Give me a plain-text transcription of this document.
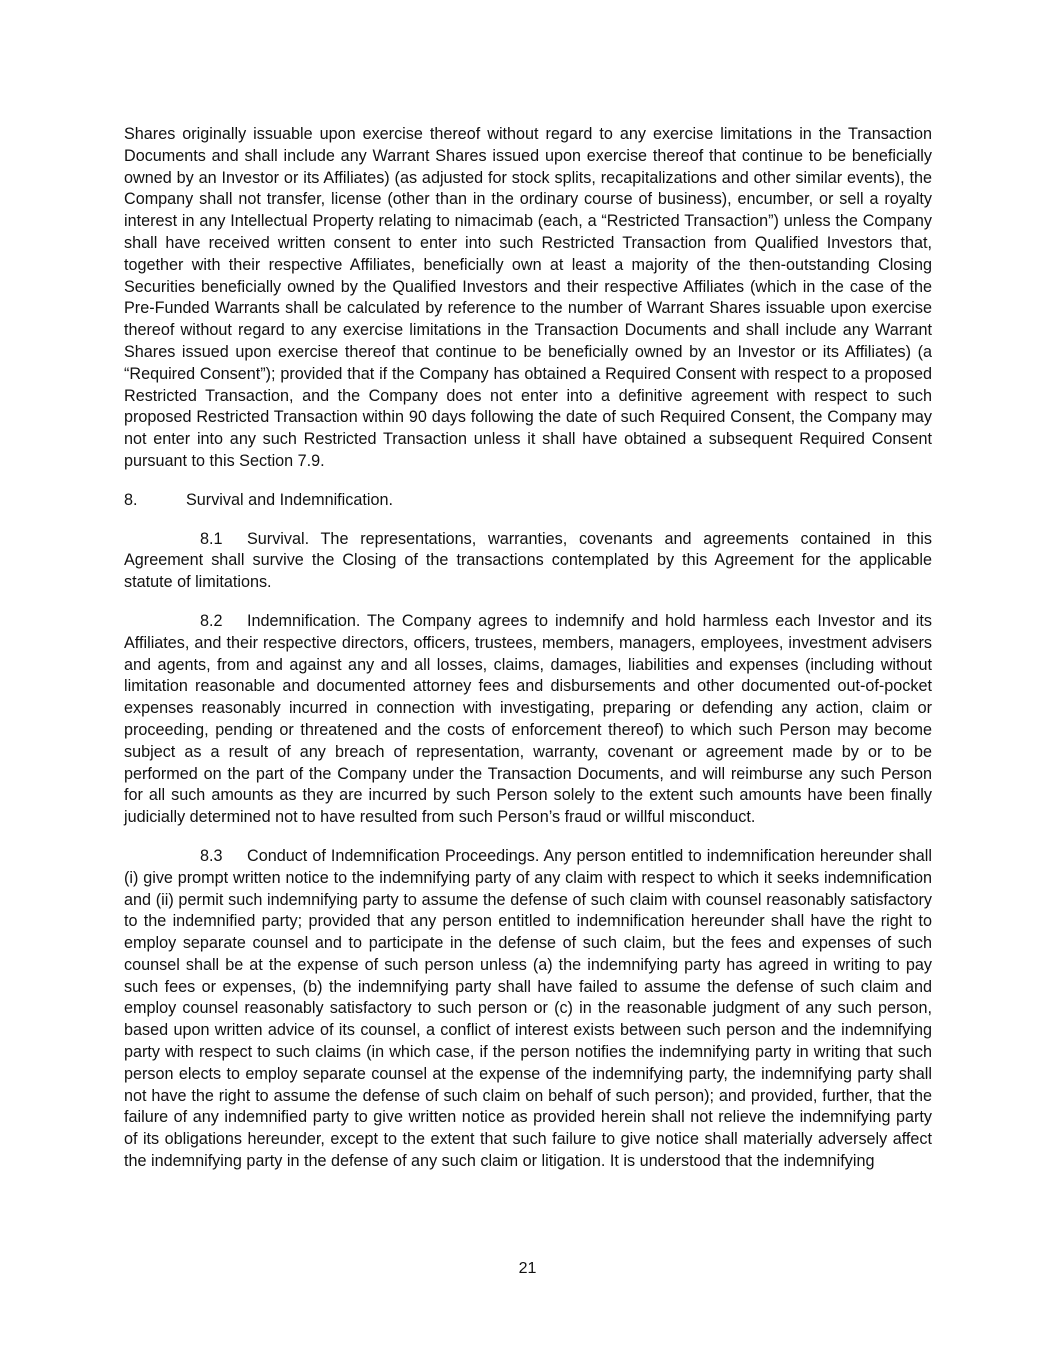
Shares originally issuable upon exercise thereof without regard to any exercise limitations in the Transaction Documents and shall include any Warrant Shares issued upon exercise thereof that continue to be beneficially owned by an Investor or its Affiliates) (as adjusted for stock splits, recapitalizations and other similar events), the Company shall not transfer, license (other than in the ordinary course of business), encumber, or sell a royalty interest in any Intellectual Property relating to nimacimab (each, a “Restricted Transaction”) unless the Company shall have received written consent to enter into such Restricted Transaction from Qualified Investors that, together with their respective Affiliates, beneficially own at least a majority of the then-outstanding Closing Securities beneficially owned by the Qualified Investors and their respective Affiliates (which in the case of the Pre-Funded Warrants shall be calculated by reference to the number of Warrant Shares issuable upon exercise thereof without regard to any exercise limitations in the Transaction Documents and shall include any Warrant Shares issued upon exercise thereof that continue to be beneficially owned by an Investor or its Affiliates) (a “Required Consent”); provided that if the Company has obtained a Required Consent with respect to a proposed Restricted Transaction, and the Company does not enter into a definitive agreement with respect to such proposed Restricted Transaction within 90 days following the date of such Required Consent, the Company may not enter into any such Restricted Transaction unless it shall have obtained a subsequent Required Consent pursuant to this Section 7.9.

8.	Survival and Indemnification.

8.1 Survival. The representations, warranties, covenants and agreements contained in this Agreement shall survive the Closing of the transactions contemplated by this Agreement for the applicable statute of limitations.

8.2 Indemnification. The Company agrees to indemnify and hold harmless each Investor and its Affiliates, and their respective directors, officers, trustees, members, managers, employees, investment advisers and agents, from and against any and all losses, claims, damages, liabilities and expenses (including without limitation reasonable and documented attorney fees and disbursements and other documented out-of-pocket expenses reasonably incurred in connection with investigating, preparing or defending any action, claim or proceeding, pending or threatened and the costs of enforcement thereof) to which such Person may become subject as a result of any breach of representation, warranty, covenant or agreement made by or to be performed on the part of the Company under the Transaction Documents, and will reimburse any such Person for all such amounts as they are incurred by such Person solely to the extent such amounts have been finally judicially determined not to have resulted from such Person’s fraud or willful misconduct.

8.3 Conduct of Indemnification Proceedings. Any person entitled to indemnification hereunder shall (i) give prompt written notice to the indemnifying party of any claim with respect to which it seeks indemnification and (ii) permit such indemnifying party to assume the defense of such claim with counsel reasonably satisfactory to the indemnified party; provided that any person entitled to indemnification hereunder shall have the right to employ separate counsel and to participate in the defense of such claim, but the fees and expenses of such counsel shall be at the expense of such person unless (a) the indemnifying party has agreed in writing to pay such fees or expenses, (b) the indemnifying party shall have failed to assume the defense of such claim and employ counsel reasonably satisfactory to such person or (c) in the reasonable judgment of any such person, based upon written advice of its counsel, a conflict of interest exists between such person and the indemnifying party with respect to such claims (in which case, if the person notifies the indemnifying party in writing that such person elects to employ separate counsel at the expense of the indemnifying party, the indemnifying party shall not have the right to assume the defense of such claim on behalf of such person); and provided, further, that the failure of any indemnified party to give written notice as provided herein shall not relieve the indemnifying party of its obligations hereunder, except to the extent that such failure to give notice shall materially adversely affect the indemnifying party in the defense of any such claim or litigation. It is understood that the indemnifying

21
